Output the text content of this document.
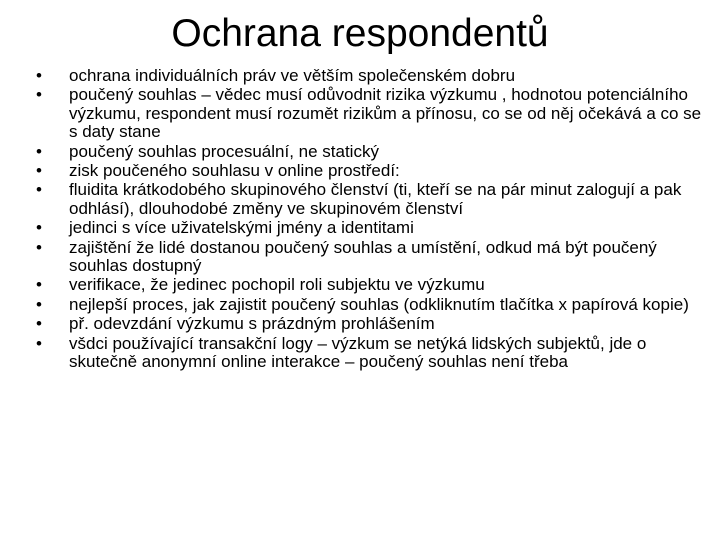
Ochrana respondentů
• ochrana individuálních práv ve větším společenském dobru
• poučený souhlas – vědec musí odůvodnit rizika výzkumu , hodnotou potenciálního výzkumu, respondent musí rozumět rizikům a přínosu, co se od něj očekává a co se s daty stane
• poučený souhlas procesuální, ne statický
• zisk poučeného souhlasu v online prostředí:
• fluidita krátkodobého skupinového členství (ti, kteří se na pár minut zalogují a pak odhlásí), dlouhodobé změny ve skupinovém členství
• jedinci s více uživatelskými jmény a identitami
• zajištění že lidé dostanou poučený souhlas a umístění, odkud má být poučený souhlas dostupný
• verifikace, že jedinec pochopil roli subjektu ve výzkumu
• nejlepší proces, jak zajistit poučený souhlas (odkliknutím tlačítka x papírová kopie)
• př. odevzdání výzkumu s prázdným prohlášením
• všdci používající transakční logy – výzkum se netýká lidských subjektů, jde o skutečně anonymní online interakce – poučený souhlas není třeba
